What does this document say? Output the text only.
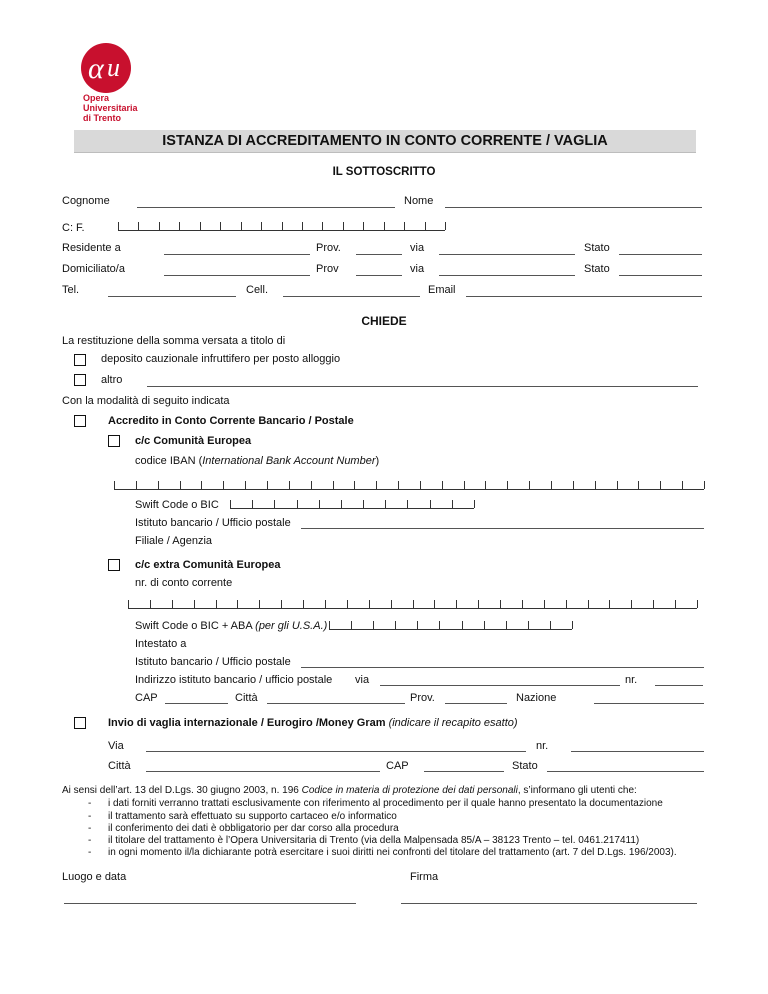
α u
Opera
Universitaria
di Trento
ISTANZA DI ACCREDITAMENTO IN CONTO CORRENTE / VAGLIA
IL SOTTOSCRITTO
Cognome	Nome
C: F.
Residente a	Prov.	via	Stato
Domiciliato/a	Prov	via	Stato
Tel.	Cell.	Email
CHIEDE
La restituzione della somma versata a titolo di
deposito cauzionale infruttifero per posto alloggio
altro
Con la modalità di seguito indicata
Accredito in Conto Corrente Bancario / Postale
c/c Comunità Europea
codice IBAN (International Bank Account Number)
Swift Code o BIC
Istituto bancario / Ufficio postale
Filiale / Agenzia
c/c extra Comunità Europea
nr. di conto corrente
Swift Code o BIC + ABA (per gli U.S.A.)
Intestato a
Istituto bancario / Ufficio postale
Indirizzo istituto bancario / ufficio postale via	nr.
CAP	Città	Prov.	Nazione
Invio di vaglia internazionale / Eurogiro /Money Gram (indicare il recapito esatto)
Via	nr.
Città	CAP	Stato
Ai sensi dell’art. 13 del D.Lgs. 30 giugno 2003, n. 196 Codice in materia di protezione dei dati personali, s’informano gli utenti che:
- i dati forniti verranno trattati esclusivamente con riferimento al procedimento per il quale hanno presentato la documentazione
- il trattamento sarà effettuato su supporto cartaceo e/o informatico
- il conferimento dei dati è obbligatorio per dar corso alla procedura
- il titolare del trattamento è l’Opera Universitaria di Trento (via della Malpensada 85/A – 38123 Trento – tel. 0461.217411)
- in ogni momento il/la dichiarante potrà esercitare i suoi diritti nei confronti del titolare del trattamento (art. 7 del D.Lgs. 196/2003).
Luogo e data	Firma
